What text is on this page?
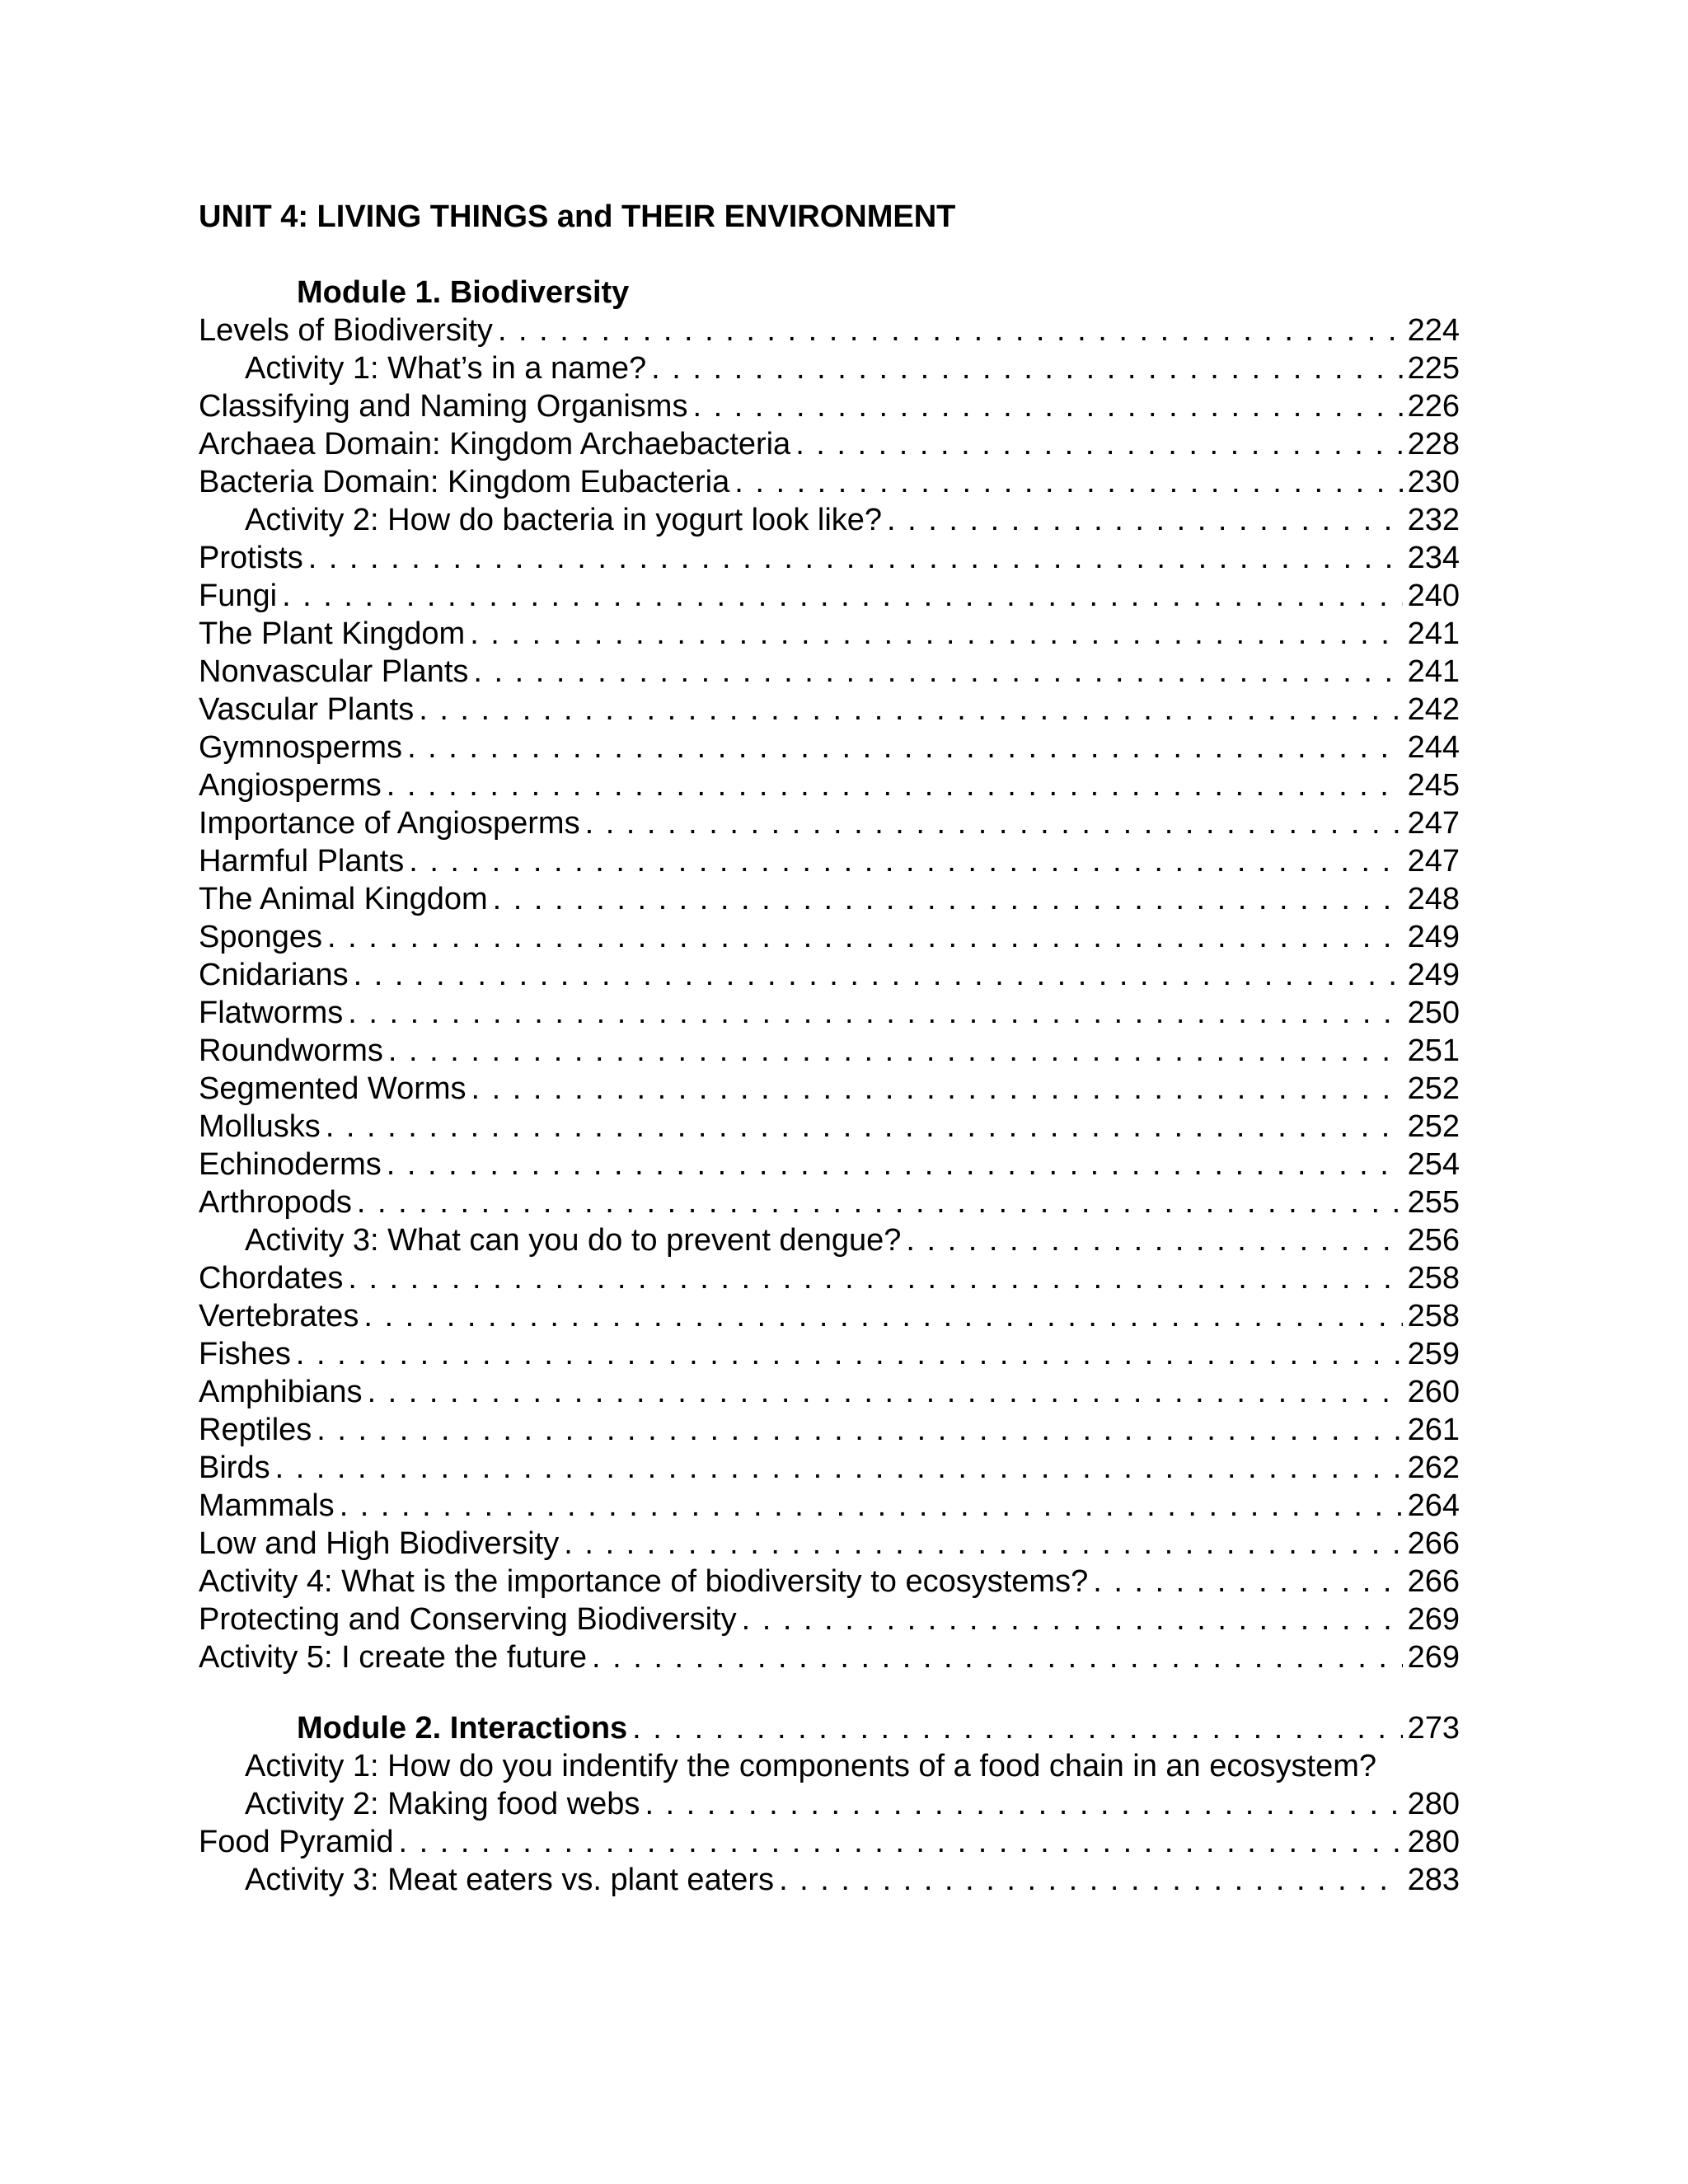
UNIT 4: LIVING THINGS and THEIR ENVIRONMENT
Module 1. Biodiversity
Levels of Biodiversity . . .	224
Activity 1: What’s in a name? . . .	225
Classifying and Naming Organisms . . .	226
Archaea Domain: Kingdom Archaebacteria . . .	228
Bacteria Domain: Kingdom Eubacteria . . .	230
Activity 2: How do bacteria in yogurt look like? . . .	232
Protists . . .	234
Fungi . . .	240
The Plant Kingdom . . .	241
Nonvascular Plants . . .	241
Vascular Plants . . .	242
Gymnosperms . . .	244
Angiosperms . . .	245
Importance of Angiosperms . . .	247
Harmful Plants . . .	247
The Animal Kingdom . . .	248
Sponges . . .	249
Cnidarians . . .	249
Flatworms . . .	250
Roundworms . . .	251
Segmented Worms . . .	252
Mollusks . . .	252
Echinoderms . . .	254
Arthropods . . .	255
Activity 3: What can you do to prevent dengue? . . .	256
Chordates . . .	258
Vertebrates . . .	258
Fishes . . .	259
Amphibians . . .	260
Reptiles . . .	261
Birds . . .	262
Mammals . . .	264
Low and High Biodiversity . . .	266
Activity 4: What is the importance of biodiversity to ecosystems? . . .	266
Protecting and Conserving Biodiversity . . .	269
Activity 5: I create the future . . .	269
Module 2. Interactions . . .	273
Activity 1: How do you indentify the components of a food chain in an ecosystem?
Activity 2: Making food webs . . .	280
Food Pyramid . . .	280
Activity 3: Meat eaters vs. plant eaters . . .	283
